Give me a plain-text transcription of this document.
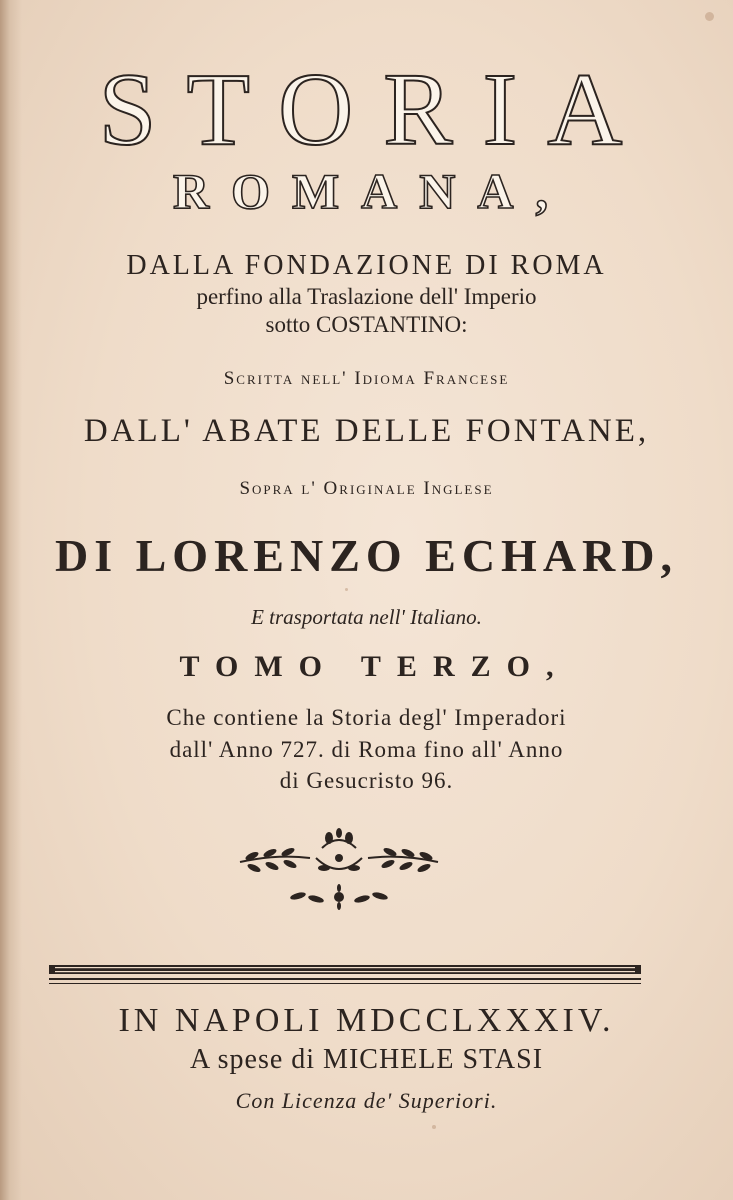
STORIA
ROMANA,
DALLA FONDAZIONE DI ROMA
perfino alla Traslazione dell' Imperio
sotto COSTANTINO:
Scritta nell' Idioma Francese
DALL' ABATE DELLE FONTANE,
Sopra l' Originale Inglese
DI LORENZO ECHARD,
E trasportata nell' Italiano.
TOMO TERZO,
Che contiene la Storia degl' Imperadori
dall' Anno 727. di Roma fino all' Anno
di Gesucristo 96.
IN NAPOLI MDCCLXXXIV.
A spese di MICHELE STASI
Con Licenza de' Superiori.
